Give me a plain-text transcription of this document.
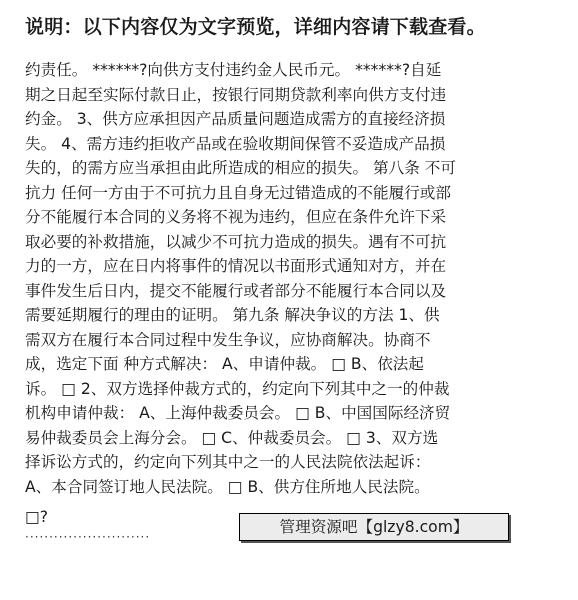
说明：以下内容仅为文字预览，详细内容请下载查看。
约责任。 ******?向供方支付违约金人民币元。 ******?自延
期之日起至实际付款日止，按银行同期贷款利率向供方支付违
约金。 3、供方应承担因产品质量问题造成需方的直接经济损
失。 4、需方违约拒收产品或在验收期间保管不妥造成产品损
失的，的需方应当承担由此所造成的相应的损失。 第八条 不可
抗力 任何一方由于不可抗力且自身无过错造成的不能履行或部
分不能履行本合同的义务将不视为违约，但应在条件允许下采
取必要的补救措施，以减少不可抗力造成的损失。遇有不可抗
力的一方，应在日内将事件的情况以书面形式通知对方，并在
事件发生后日内，提交不能履行或者部分不能履行本合同以及
需要延期履行的理由的证明。 第九条 解决争议的方法 1、供
需双方在履行本合同过程中发生争议，应协商解决。协商不
成，选定下面 种方式解决： A、申请仲裁。 □ B、依法起
诉。 □ 2、双方选择仲裁方式的，约定向下列其中之一的仲裁
机构申请仲裁： A、上海仲裁委员会。 □ B、中国国际经济贸
易仲裁委员会上海分会。 □ C、仲裁委员会。 □ 3、双方选
择诉讼方式的，约定向下列其中之一的人民法院依法起诉：
A、本合同签订地人民法院。 □ B、供方住所地人民法院。
□?
··························
管理资源吧【glzy8.com】
